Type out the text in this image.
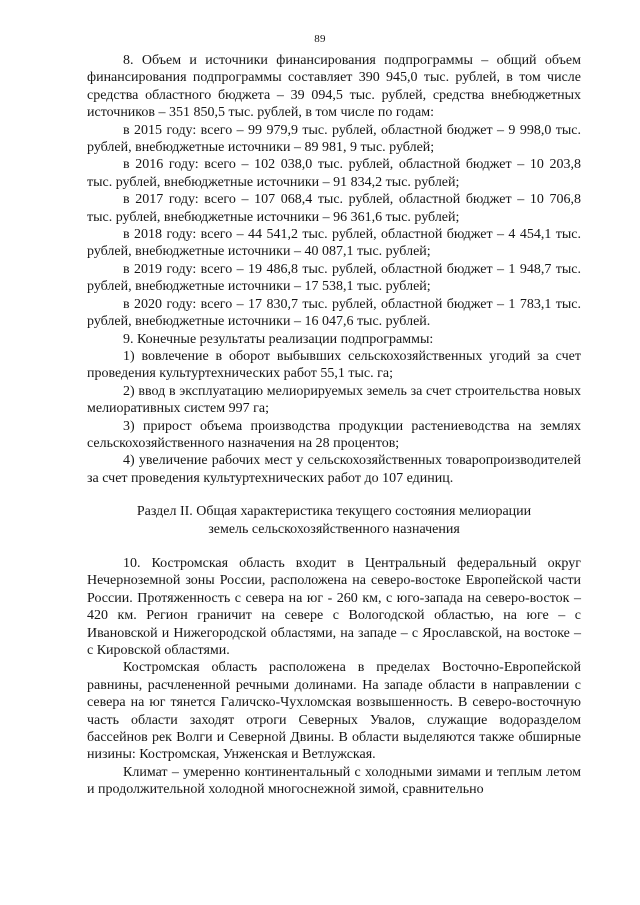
89

8. Объем и источники финансирования подпрограммы – общий объем финансирования подпрограммы составляет 390 945,0 тыс. рублей, в том числе средства областного бюджета – 39 094,5 тыс. рублей, средства внебюджетных источников – 351 850,5 тыс. рублей, в том числе по годам:

в 2015 году: всего – 99 979,9 тыс. рублей, областной бюджет – 9 998,0 тыс. рублей, внебюджетные источники – 89 981, 9 тыс. рублей;

в 2016 году: всего – 102 038,0 тыс. рублей, областной бюджет – 10 203,8 тыс. рублей, внебюджетные источники – 91 834,2 тыс. рублей;

в 2017 году: всего – 107 068,4 тыс. рублей, областной бюджет – 10 706,8 тыс. рублей, внебюджетные источники – 96 361,6 тыс. рублей;

в 2018 году: всего – 44 541,2 тыс. рублей, областной бюджет – 4 454,1 тыс. рублей, внебюджетные источники – 40 087,1 тыс. рублей;

в 2019 году: всего – 19 486,8 тыс. рублей, областной бюджет – 1 948,7 тыс. рублей, внебюджетные источники – 17 538,1 тыс. рублей;

в 2020 году: всего – 17 830,7 тыс. рублей, областной бюджет – 1 783,1 тыс. рублей, внебюджетные источники – 16 047,6 тыс. рублей.

9. Конечные результаты реализации подпрограммы:

1) вовлечение в оборот выбывших сельскохозяйственных угодий за счет проведения культуртехнических работ 55,1 тыс. га;

2) ввод в эксплуатацию мелиорируемых земель за счет строительства новых мелиоративных систем 997 га;

3) прирост объема производства продукции растениеводства на землях сельскохозяйственного назначения на 28 процентов;

4) увеличение рабочих мест у сельскохозяйственных товаропроизводителей за счет проведения культуртехнических работ до 107 единиц.

Раздел II. Общая характеристика текущего состояния мелиорации
земель сельскохозяйственного назначения

10. Костромская область входит в Центральный федеральный округ Нечерноземной зоны России, расположена на северо-востоке Европейской части России. Протяженность с севера на юг - 260 км, с юго-запада на северо-восток – 420 км. Регион граничит на севере с Вологодской областью, на юге – с Ивановской и Нижегородской областями, на западе – с Ярославской, на востоке – с Кировской областями.

Костромская область расположена в пределах Восточно-Европейской равнины, расчлененной речными долинами. На западе области в направлении с севера на юг тянется Галичско-Чухломская возвышенность. В северо-восточную часть области заходят отроги Северных Увалов, служащие водоразделом бассейнов рек Волги и Северной Двины. В области выделяются также обширные низины: Костромская, Унженская и Ветлужская.

Климат – умеренно континентальный с холодными зимами и теплым летом и продолжительной холодной многоснежной зимой, сравнительно
